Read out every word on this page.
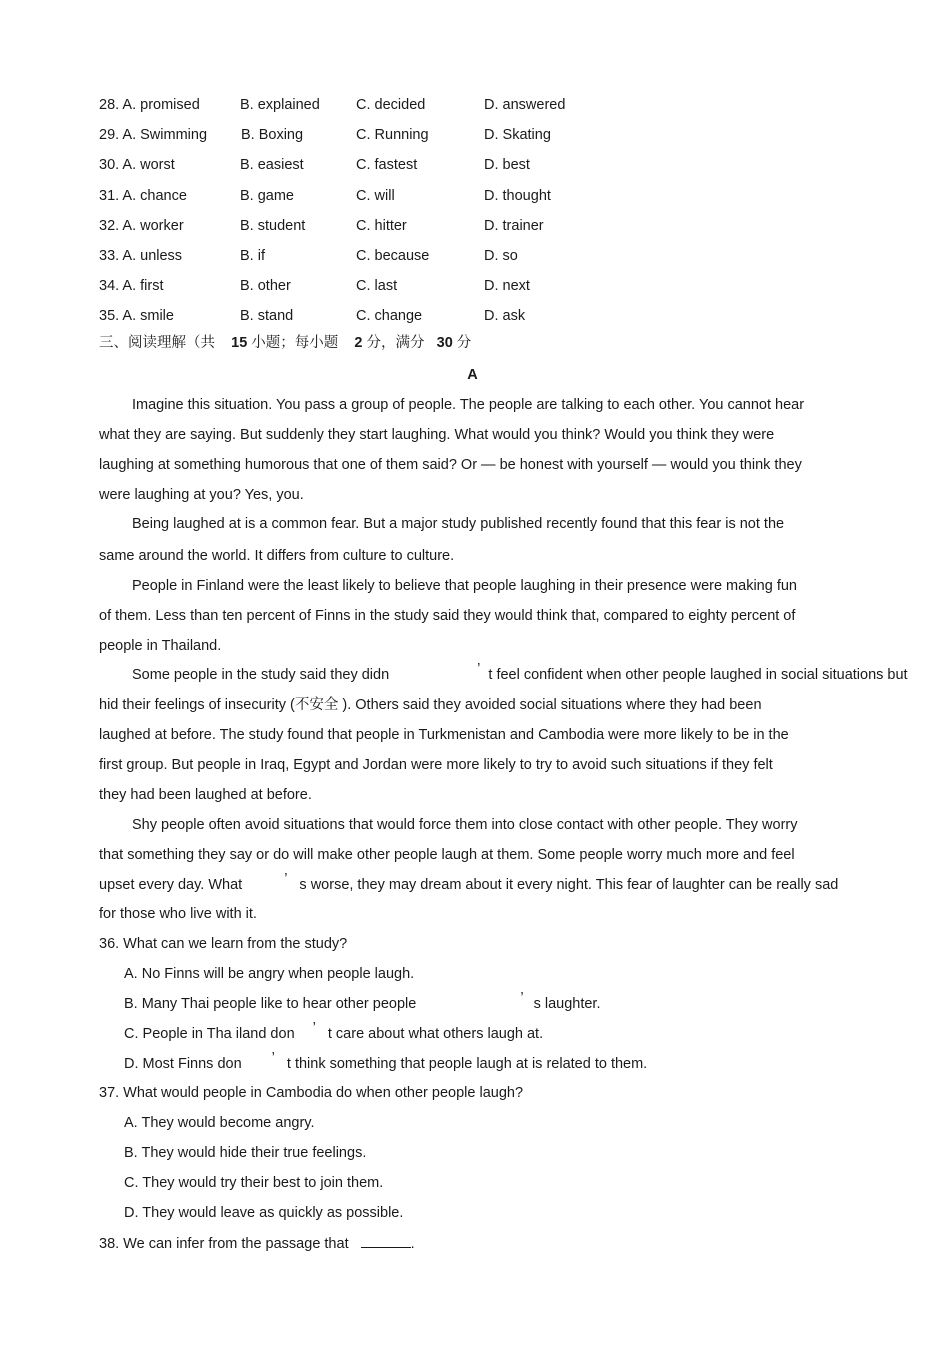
28. A. promised	B. explained C. decided	D. answered
29. A. Swimming B. Boxing	C. Running	D. Skating
30. A. worst	B. easiest	C. fastest	D. best
31. A. chance	B. game	C. will	D. thought
32. A. worker	B. student	C. hitter	D. trainer
33. A. unless	B. if	C. because	D. so
34. A. first	B. other	C. last	D. next
35. A. smile	B. stand	C. change	D. ask
三、阅读理解（共 15 小题；每小题 2 分，满分 30 分
A
Imagine this situation. You pass a group of people. The people are talking to each other. You cannot hear
what they are saying. But suddenly they start laughing. What would you think? Would you think they were
laughing at something humorous that one of them said? Or — be honest with yourself — would you think they
were laughing at you? Yes, you.
Being laughed at is a common fear. But a major study published recently found that this fear is not the
same around the world. It differs from culture to culture.
People in Finland were the least likely to believe that people laughing in their presence were making fun
of them. Less than ten percent of Finns in the study said they would think that, compared to eighty percent of
people in Thailand.
Some people in the study said they didn	’ t feel confident when other people laughed in social situations but
hid their feelings of insecurity (不安全 ). Others said they avoided social situations where they had been
laughed at before. The study found that people in Turkmenistan and Cambodia were more likely to be in the
first group. But people in Iraq, Egypt and Jordan were more likely to try to avoid such situations if they felt
they had been laughed at before.
Shy people often avoid situations that would force them into close contact with other people. They worry
that something they say or do will make other people laugh at them. Some people worry much more and feel
upset every day. What	’ s worse, they may dream about it every night. This fear of laughter can be really sad
for those who live with it.
36. What can we learn from the study?
A. No Finns will be angry when people laugh.
B. Many Thai people like to hear other people	’ s laughter.
C. People in Tha iland don ’ t care about what others laugh at.
D. Most Finns don ’ t think something that people laugh at is related to them.
37. What would people in Cambodia do when other people laugh?
A. They would become angry.
B. They would hide their true feelings.
C. They would try their best to join them.
D. They would leave as quickly as possible.
38. We can infer from the passage that	.
